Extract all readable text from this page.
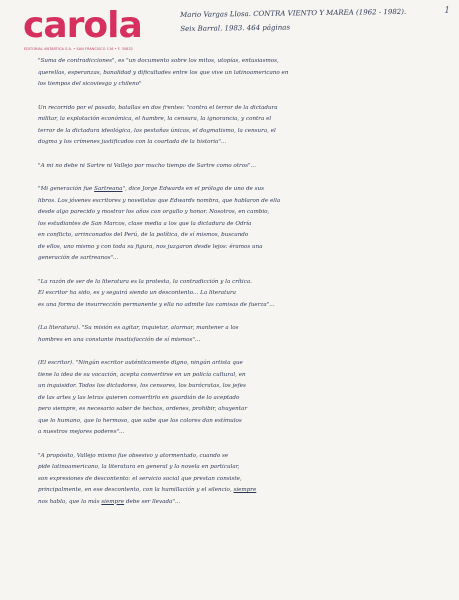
carola
EDITORIAL ANTARTICA S.A. • SAN FRANCISCO 116 • F. 35832
1
Mario Vargas Llosa. CONTRA VIENTO Y MAREA (1962 - 1982).
Seix Barral. 1983. 464 páginas
"Suma de contradicciones", es "un documento sobre los mitos, utopías, entusiasmos,
querellas, esperanzas, banalidad y dificultades entre los que vive un latinoamericano en
los tiempos del sicoviesgo y chileno"
Un recorrido por el pasado, batallas en dos frentes: "contra el terror de la dictadura
militar, la explotación económica, el hambre, la censura, la ignorancia, y contra el
terror de la dictadura ideológica, las pestañas únicas, el dogmatismo, la censura, el
dogma y los crímenes justificados con la coartada de la historia"...
"A mi no debe ni Sartre ni Vallejo por mucho tiempo de Sartre como otros"...
"Mi generación fue Sartreana", dice Jorge Edwards en el prólogo de uno de sus
libros. Los jóvenes escritores y novelistas que Edwards nombra, que hablaron de ella
desde algo parecido y mostrar los años con orgullo y honor. Nosotros, en cambio,
los estudiantes de San Marcos, clase media a los que la dictadura de Odría
en conflicto, arrinconados del Perú, de la política, de sí mismos, buscando
de ellos, uno mismo y con toda su figura, nos juzgaron desde lejos: éramos una
generación de sartreanos"...
"La razón de ser de la literatura es la protesta, la contradicción y la crítica.
El escritor ha sido, es y seguirá siendo un descontento... La literatura
es una forma de insurrección permanente y ella no admite las camisas de fuerza"...
(La literatura). "Su misión es agitar, inquietar, alarmar, mantener a los
hombres en una constante insatisfacción de sí mismos"...
(El escritor). "Ningún escritor auténticamente digno, ningún artista que
tiene la idea de su vocación, acepta convertirse en un policía cultural, en
un inquisidor. Todos los dictadores, los censores, los burócratas, los jefes
de las artes y las letras quieren convertirlo en guardián de lo aceptado
pero siempre, es necesario saber de hechos, ordenes, prohibir, ahuyentar
que lo humano, que lo hermoso, que sabe que los colores dan estímulos
a nuestros mejores poderes"...
"A propósito, Vallejo mismo fue obsesivo y atormentado, cuando se
pide latinoamericano, la literatura en general y la novela en particular,
son expresiones de descontento: el servicio social que prestan consiste,
principalmente, en ese descontento, con la humillación y el silencio, siempre
nos habla, que la más siempre debe ser llevada"...
